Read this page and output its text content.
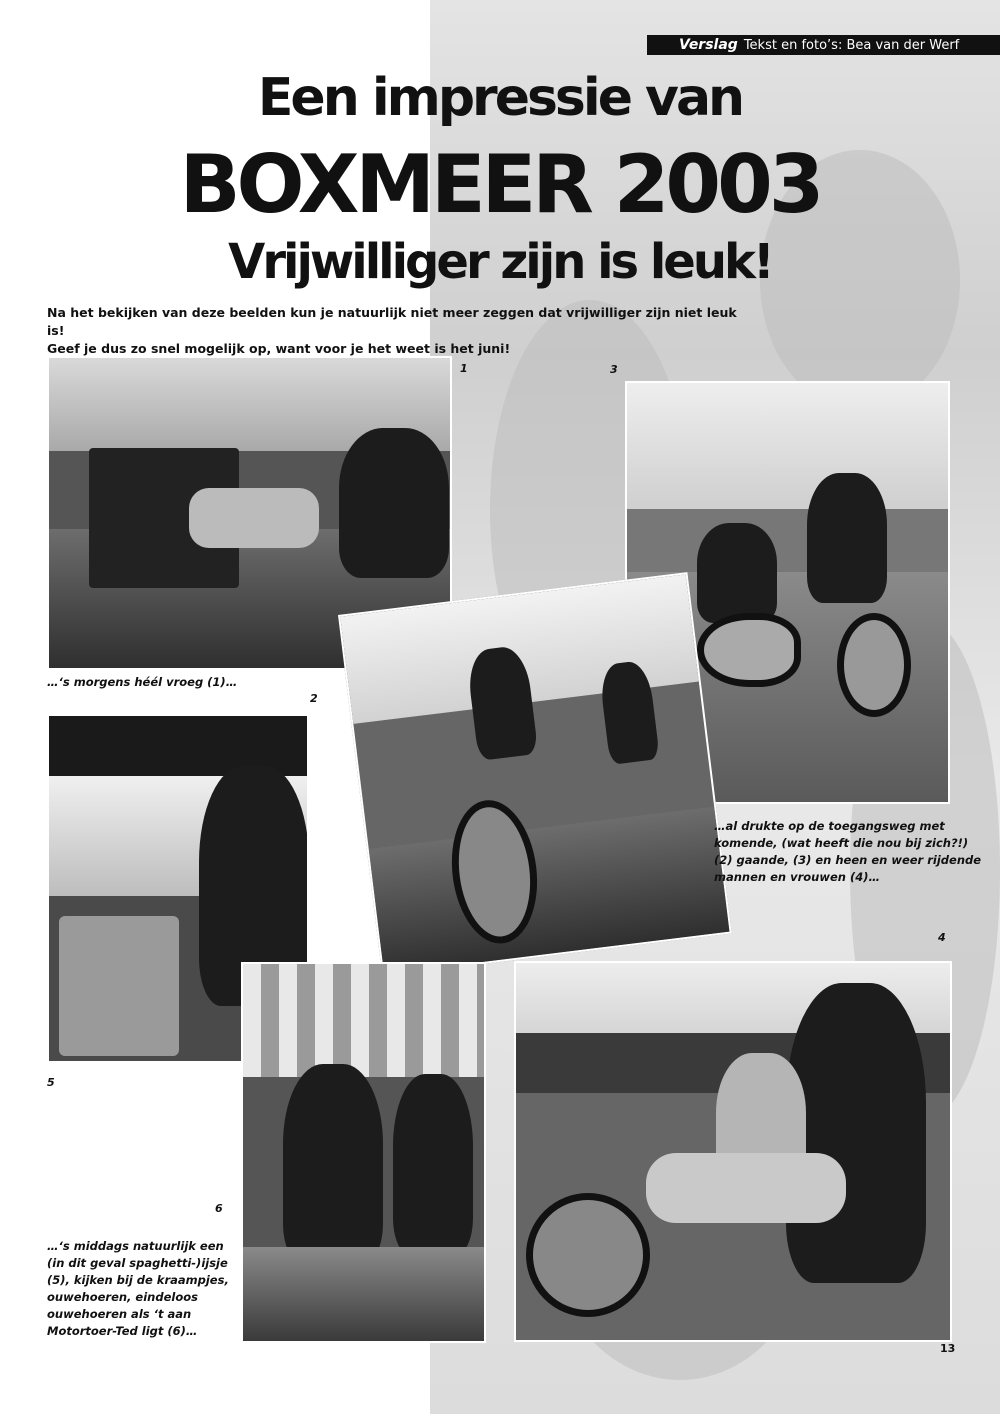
Verslag Tekst en foto’s: Bea van der Werf
Een impressie van
BOXMEER 2003
Vrijwilliger zijn is leuk!
Na het bekijken van deze beelden kun je natuurlijk niet meer zeggen dat vrijwilliger zijn niet leuk is!
Geef je dus zo snel mogelijk op, want voor je het weet is het juni!
1	3
…‘s morgens héél vroeg (1)…
2
5
…al drukte op de toegangsweg met
komende, (wat heeft die nou bij zich?!)
(2) gaande, (3) en heen en weer rijdende
mannen en vrouwen (4)…
4
6
…‘s middags natuurlijk een
(in dit geval spaghetti-)ijsje
(5), kijken bij de kraampjes,
ouwehoeren, eindeloos
ouwehoeren als ‘t aan
Motortoer-Ted ligt (6)…
13
